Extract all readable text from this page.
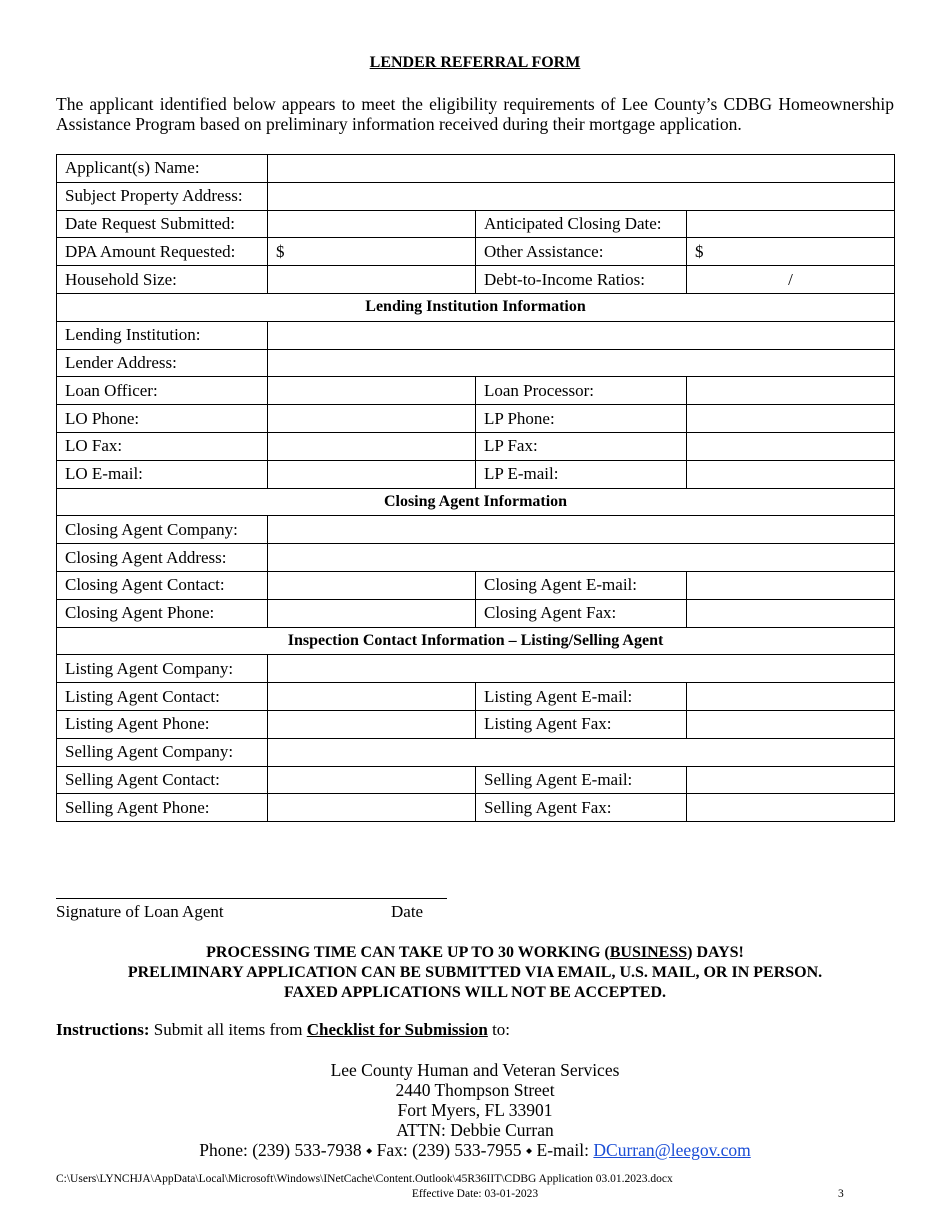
LENDER REFERRAL FORM
The applicant identified below appears to meet the eligibility requirements of Lee County’s CDBG Homeownership Assistance Program based on preliminary information received during their mortgage application.
Applicant(s) Name:			
Subject Property Address:			
Date Request Submitted:		Anticipated Closing Date:	
DPA Amount Requested:	$	Other Assistance:	$
Household Size:		Debt-to-Income Ratios:	/
Lending Institution Information			
Lending Institution:			
Lender Address:			
Loan Officer:		Loan Processor:	
LO Phone:		LP Phone:	
LO Fax:		LP Fax:	
LO E-mail:		LP E-mail:	
Closing Agent Information			
Closing Agent Company:			
Closing Agent Address:			
Closing Agent Contact:		Closing Agent E-mail:	
Closing Agent Phone:		Closing Agent Fax:	
Inspection Contact Information – Listing/Selling Agent			
Listing Agent Company:			
Listing Agent Contact:		Listing Agent E-mail:	
Listing Agent Phone:		Listing Agent Fax:	
Selling Agent Company:			
Selling Agent Contact:		Selling Agent E-mail:	
Selling Agent Phone:		Selling Agent Fax:	
Signature of Loan Agent	Date
PROCESSING TIME CAN TAKE UP TO 30 WORKING (BUSINESS) DAYS!
PRELIMINARY APPLICATION CAN BE SUBMITTED VIA EMAIL, U.S. MAIL, OR IN PERSON.
FAXED APPLICATIONS WILL NOT BE ACCEPTED.
Instructions: Submit all items from Checklist for Submission to:
Lee County Human and Veteran Services
2440 Thompson Street
Fort Myers, FL 33901
ATTN: Debbie Curran
Phone: (239) 533-7938 ⬩ Fax: (239) 533-7955 ⬩ E-mail: DCurran@leegov.com
C:\Users\LYNCHJA\AppData\Local\Microsoft\Windows\INetCache\Content.Outlook\45R36IIT\CDBG Application 03.01.2023.docx
Effective Date: 03-01-2023	3
